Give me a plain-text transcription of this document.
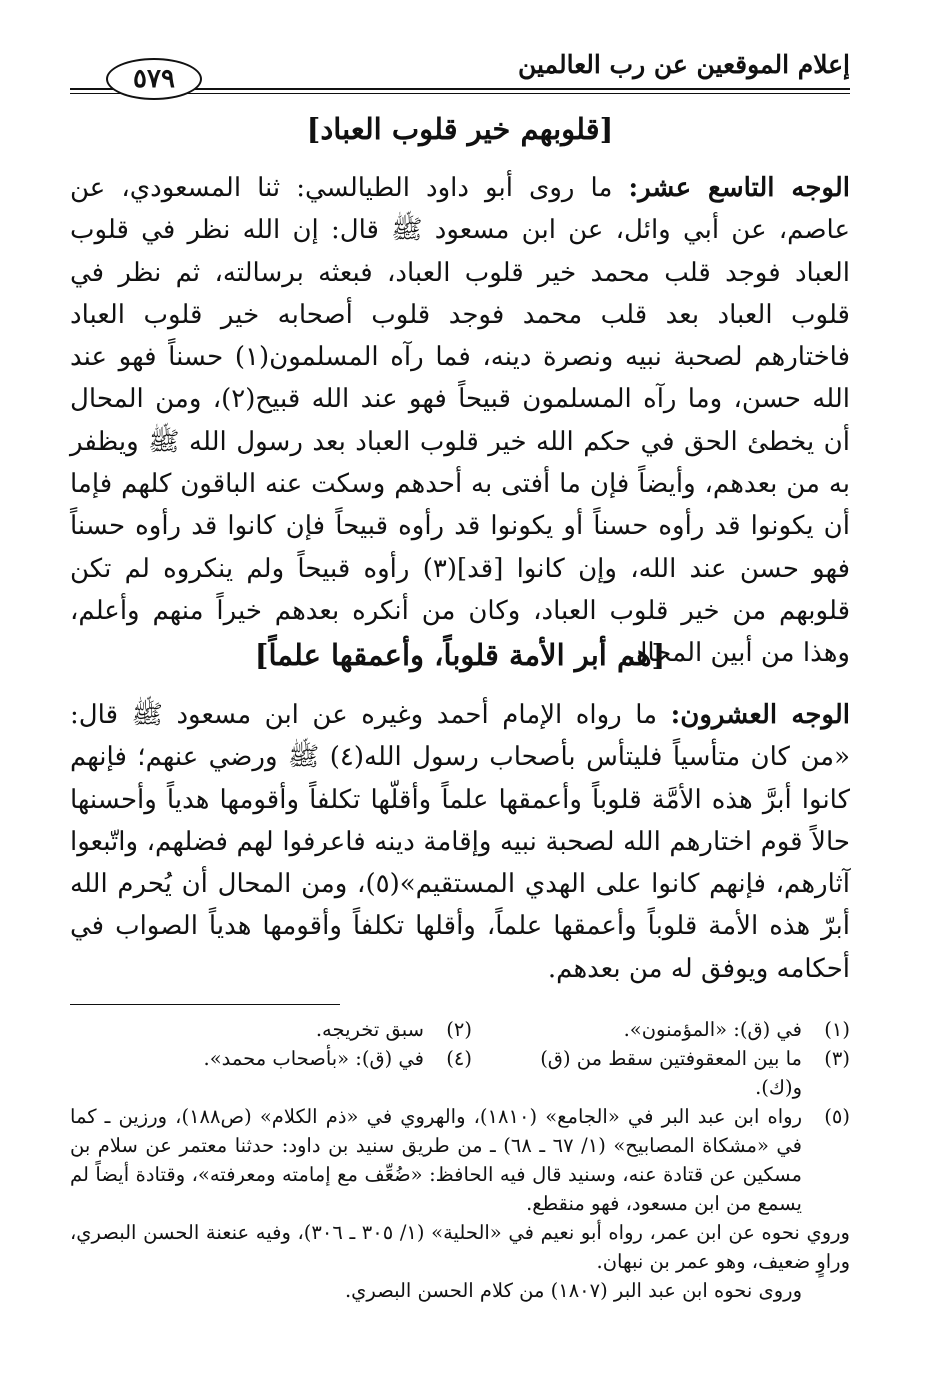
إعلام الموقعين عن رب العالمين
٥٧٩
[قلوبهم خير قلوب العباد]

الوجه التاسع عشر: ما روى أبو داود الطيالسي: ثنا المسعودي، عن عاصم، عن أبي وائل، عن ابن مسعود ﷺ قال: إن الله نظر في قلوب العباد فوجد قلب محمد خير قلوب العباد، فبعثه برسالته، ثم نظر في قلوب العباد بعد قلب محمد فوجد قلوب أصحابه خير قلوب العباد فاختارهم لصحبة نبيه ونصرة دينه، فما رآه المسلمون(١) حسناً فهو عند الله حسن، وما رآه المسلمون قبيحاً فهو عند الله قبيح(٢)، ومن المحال أن يخطئ الحق في حكم الله خير قلوب العباد بعد رسول الله ﷺ ويظفر به من بعدهم، وأيضاً فإن ما أفتى به أحدهم وسكت عنه الباقون كلهم فإما أن يكونوا قد رأوه حسناً أو يكونوا قد رأوه قبيحاً فإن كانوا قد رأوه حسناً فهو حسن عند الله، وإن كانوا [قد](٣) رأوه قبيحاً ولم ينكروه لم تكن قلوبهم من خير قلوب العباد، وكان من أنكره بعدهم خيراً منهم وأعلم، وهذا من أبين المحال.

[هم أبر الأمة قلوباً، وأعمقها علماً]

الوجه العشرون: ما رواه الإمام أحمد وغيره عن ابن مسعود ﷺ قال: «من كان متأسياً فليتأس بأصحاب رسول الله(٤) ﷺ ورضي عنهم؛ فإنهم كانوا أبرَّ هذه الأمَّة قلوباً وأعمقها علماً وأقلّها تكلفاً وأقومها هدياً وأحسنها حالاً قوم اختارهم الله لصحبة نبيه وإقامة دينه فاعرفوا لهم فضلهم، واتّبعوا آثارهم، فإنهم كانوا على الهدي المستقيم»(٥)، ومن المحال أن يُحرم الله أبرّ هذه الأمة قلوباً وأعمقها علماً، وأقلها تكلفاً وأقومها هدياً الصواب في أحكامه ويوفق له من بعدهم.

(١)
في (ق): «المؤمنون».
(٢)
سبق تخريجه.
(٣)
ما بين المعقوفتين سقط من (ق) و(ك).
(٤)
في (ق): «بأصحاب محمد».
(٥)
رواه ابن عبد البر في «الجامع» (١٨١٠)، والهروي في «ذم الكلام» (ص١٨٨)، ورزين ـ كما في «مشكاة المصابيح» (١/ ٦٧ ـ ٦٨) ـ من طريق سنيد بن داود: حدثنا معتمر عن سلام بن مسكين عن قتادة عنه، وسنيد قال فيه الحافظ: «ضُعِّف مع إمامته ومعرفته»، وقتادة أيضاً لم يسمع من ابن مسعود، فهو منقطع.
وروي نحوه عن ابن عمر، رواه أبو نعيم في «الحلية» (١/ ٣٠٥ ـ ٣٠٦)، وفيه عنعنة الحسن البصري، وراوٍ ضعيف، وهو عمر بن نبهان.
وروى نحوه ابن عبد البر (١٨٠٧) من كلام الحسن البصري.
